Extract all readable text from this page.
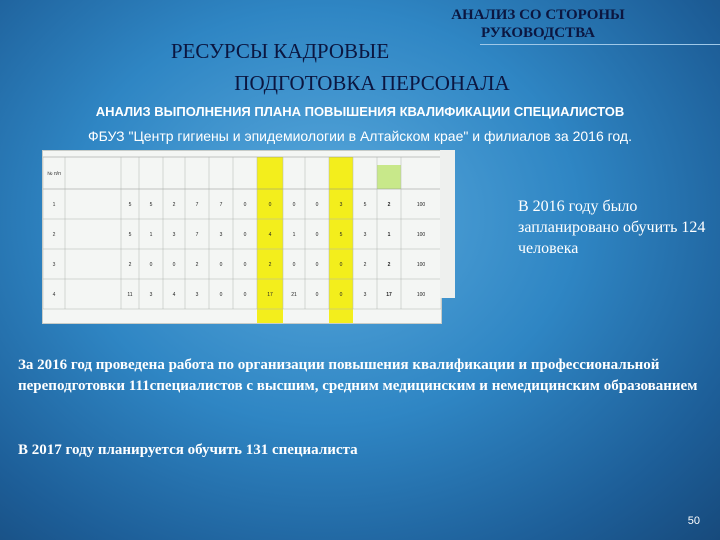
АНАЛИЗ СО СТОРОНЫ
РУКОВОДСТВА
РЕСУРСЫ КАДРОВЫЕ
ПОДГОТОВКА ПЕРСОНАЛА
АНАЛИЗ ВЫПОЛНЕНИЯ ПЛАНА ПОВЫШЕНИЯ КВАЛИФИКАЦИИ СПЕЦИАЛИСТОВ
ФБУЗ "Центр гигиены и эпидемиологии в Алтайском крае" и филиалов за 2016 год.
№ п/п
1	5	5	2	7	7	0	0	0	0	3	5	2	100
2	5	1	3	7	3	0	4	1	0	5	3	1	100
3	2	0	0	2	0	0	2	0	0	0	2	2	100
4	11	3	4	3	0	0	17	21	0	0	3	17	100
В 2016 году было запланировано обучить 124 человека
За 2016 год проведена работа по организации повышения квалификации и профессиональной переподготовки 111специалистов с высшим, средним медицинским и немедицинским образованием
В 2017 году планируется обучить 131 специалиста
50
